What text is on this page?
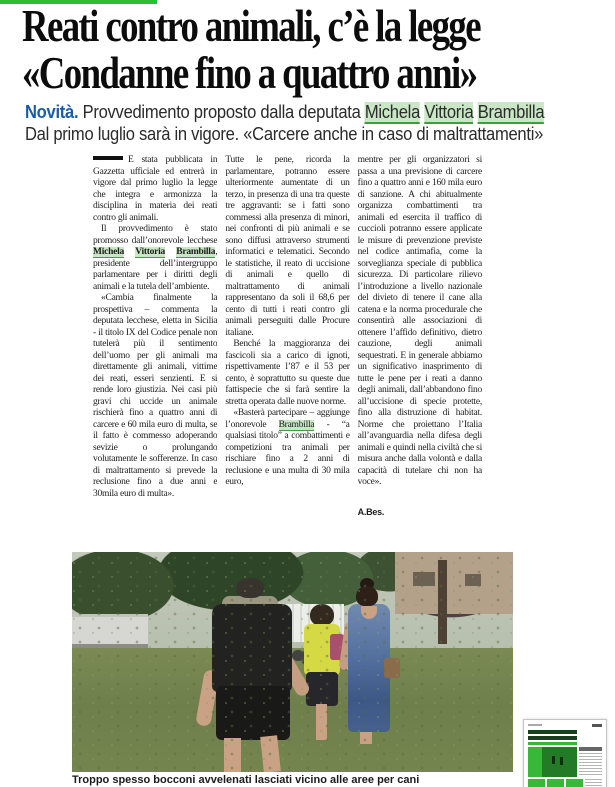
Reati contro animali, c’è la legge
«Condanne fino a quattro anni»

Novità. Provvedimento proposto dalla deputata Michela Vittoria Brambilla
Dal primo luglio sarà in vigore. «Carcere anche in caso di maltrattamenti»

È stata pubblicata in Gazzetta ufficiale ed entrerà in vigore dal primo luglio la legge che integra e armonizza la disciplina in materia dei reati contro gli animali.

Il provvedimento è stato promosso dall’onorevole lecchese Michela Vittoria Brambilla, presidente dell’intergruppo parlamentare per i diritti degli animali e la tutela dell’ambiente.

«Cambia finalmente la prospettiva – commenta la deputata lecchese, eletta in Sicilia - il titolo IX del Codice penale non tutelerà più il sentimento dell’uomo per gli animali ma direttamente gli animali, vittime dei reati, esseri senzienti. E si rende loro giustizia. Nei casi più gravi chi uccide un animale rischierà fino a quattro anni di carcere e 60 mila euro di multa, se il fatto è commesso adoperando sevizie o prolungando volutamente le sofferenze. In caso di maltrattamento si prevede la reclusione fino a due anni e 30mila euro di multa».

Tutte le pene, ricorda la parlamentare, potranno essere ulteriormente aumentate di un terzo, in presenza di una tra queste tre aggravanti: se i fatti sono commessi alla presenza di minori, nei confronti di più animali e se sono diffusi attraverso strumenti informatici e telematici. Secondo le statistiche, il reato di uccisione di animali e quello di maltrattamento di animali rappresentano da soli il 68,6 per cento di tutti i reati contro gli animali perseguiti dalle Procure italiane.

Benché la maggioranza dei fascicoli sia a carico di ignoti, rispettivamente l’87 e il 53 per cento, è soprattutto su queste due fattispecie che si farà sentire la stretta operata dalle nuove norme.

«Basterà partecipare – aggiunge l’onorevole Brambilla - “a qualsiasi titolo” a combattimenti e competizioni tra animali per rischiare fino a 2 anni di reclusione e una multa di 30 mila euro,

mentre per gli organizzatori si passa a una previsione di carcere fino a quattro anni e 160 mila euro di sanzione. A chi abitualmente organizza combattimenti tra animali ed esercita il traffico di cuccioli potranno essere applicate le misure di prevenzione previste nel codice antimafia, come la sorveglianza speciale di pubblica sicurezza. Di particolare rilievo l’introduzione a livello nazionale del divieto di tenere il cane alla catena e la norma procedurale che consentirà alle associazioni di ottenere l’affido definitivo, dietro cauzione, degli animali sequestrati. E in generale abbiamo un significativo inasprimento di tutte le pene per i reati a danno degli animali, dall’abbandono fino all’uccisione di specie protette, fino alla distruzione di habitat. Norme che proiettano l’Italia all’avanguardia nella difesa degli animali e quindi nella civiltà che si misura anche dalla volontà e dalla capacità di tutelare chi non ha voce».

A.Bes.

Troppo spesso bocconi avvelenati lasciati vicino alle aree per cani
